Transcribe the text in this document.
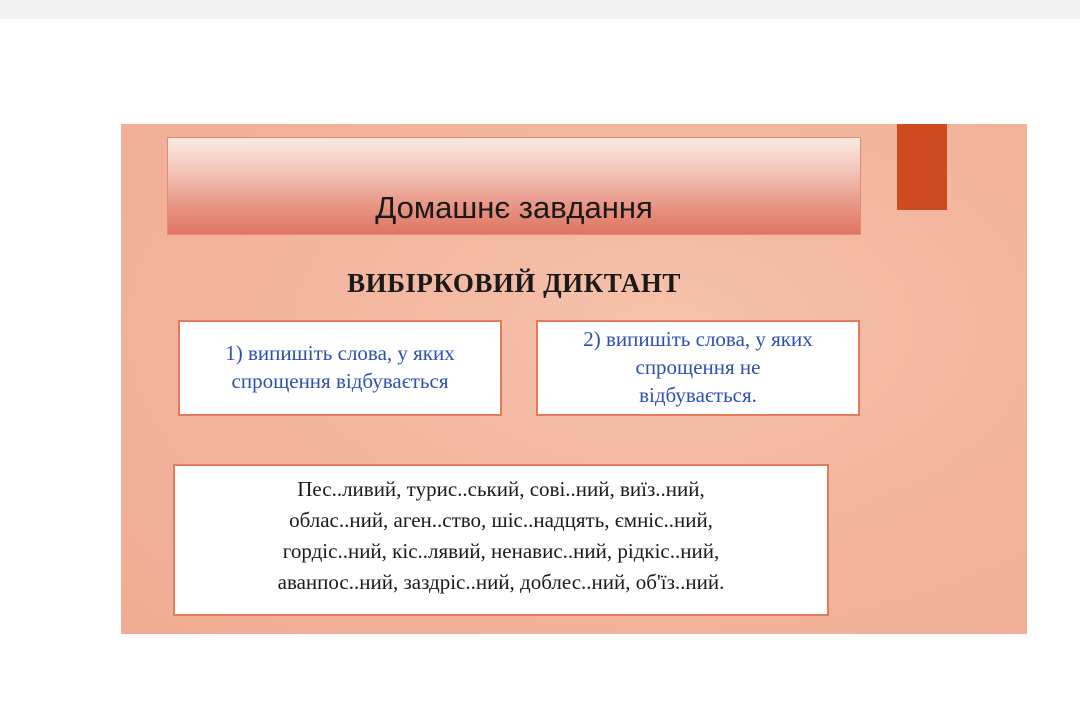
Домашнє завдання
ВИБІРКОВИЙ ДИКТАНТ
1) випишіть слова, у яких
спрощення відбувається
2) випишіть слова, у яких
спрощення не
відбувається.
Пес..ливий, турис..ський, сові..ний, виїз..ний,
облас..ний, аген..ство, шіс..надцять, ємніс..ний,
гордіс..ний, кіс..лявий, ненавис..ний, рідкіс..ний,
аванпос..ний, заздріс..ний, доблес..ний, об'їз..ний.
